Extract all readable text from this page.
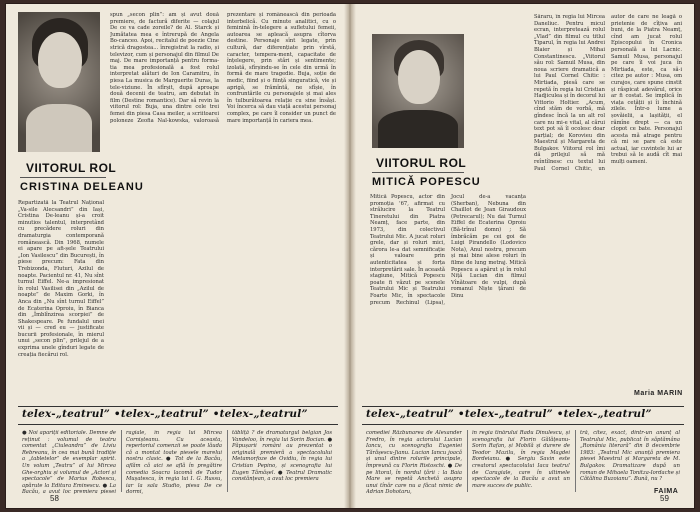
VIITORUL ROL
CRISTINA DELEANU
Repartizată la Teatrul Național „Va-sile Alecsandri” din Iași, Cristina De-leanu și-a croit minutios talentul, interpretând cu precădere roluri din dramaturgia contemporană românească. Din 1968, numele ei apare pe afi-șele Teatrului „Ion Vasilescu” din București, în piese precum: Fata din Trebizonda, Fluturi, Azilul de noapte. Pacientul nr. 41, Nu sînt turnul Eiffel. Ne-a impresionat în rolul Vasilisei din „Azilul de noapte” de Maxim Gorki, în Anca din „Nu sînt turnul Eiffel” de Ecaterina Oproiu, în Bianca din „Îmblînzirea scorpiei” de Shakespeare. Pe fundalul unei vii și — cred eu — justificate bucurii profesionale, în mierul unui „secon plin”, prilejul de a exprima unele gînduri legate de creația fiecărui rol.
spun „secon plin”: am și avut două premiere, de factură diferite — colajul De ce va cade zoreile? de Al. Starck și Jumătatea mea e întrerupă de Angela Bo-canceo. Apoi, recitalul de poezie Cine strică dragostea... înregistrat la radio, și televizor, cum și personajul din filmul De maj. De mare importanță pentru forma-tia mea profesională a fost rolul interpretat alături de Ion Caramitru, în piesa La musica de Marguerite Duras, la tele-viziune. În sfîrșit, după aproape două decenii de teatru, am debutat în film (Destine romantice). Dar să revin la viitorul rol: Buja, una dintre cele trei femei din piesa Casa meiler, a scriitoarei poloneze Zeofia Nal-kowska, valoroasă prezentare și românească din perioada interbelică. Cu minute analitici, cu o feminină în-telegere a sufletului femeii, autoarea se apleacă asupra cîtorva destine. Personaje sînt legate, prin cultură, dar diferențiate prin vîrstă, caracter, tempera-ment, capacitate de înțelegere, prin stări și sentimente; izolată, sfîrșindu-se în cele din urmă în formă de mare tragedie. Buja, soție de medic, fiind și o ființă singuratică, vie și aprigă, se frămîntă, ne sfîșie, în confruntările cu personajele și mai ales în tulburătoarea relație cu sine însăși. Voi încerca să dau viață acestui personaj complex, pe care îl consider un punct de mare importanță în cariera mea.
telex-„teatrul” •telex-„teatrul” •telex-„teatrul”
● Noi apariții editoriale. Demne de reținut : volumul de teatru comentat „Ciuleandra” de Liviu Rebreanu, în cea mai bună tradiție a „tabletelor” de exemplar spirit. Un volum „Teatru” al lui Mircea Ghe-orghiu și volumul de „Actori și spectacole” de Marius Robescu, apărute la Editura Eminescu. ● La Bacău, a avut loc premiera piesei
ragiale, în regia lui Mircea Cornișteanu. Cu aceasta, repertoriul comenzii se poate lăuda că a montat toate piesele marelui nostru clasic. ● Tot de la Bacău, aflăm că aici se află în pregătire comedia Soacra lacomă de Tudor Mușatescu, în regia lui I. G. Russu, iar la sala Studio, piesa De ce dormi,
tăbliță ? de dramaturgul belgian Jos Vandeloo, în regia lui Sorin Bocian. ● Păpușarii români au prezentat o originală premieră a spectacolului Metamorfoze de Ovidiu, în regia lui Cristian Pepino, și scenografia lui Eugen Tămășel. ● Teatrul Dramatic constănțean, a avut loc premiera
58
VIITORUL ROL
MITICĂ POPESCU
Mitică Popescu, actor din promoția '67, afirmat cu strălucire la Teatrul Tineretului din Piatra Neamț, face parte, din 1973, din colectivul Teatrului Mic. A jucat roluri grele, dar și roluri mici, cărora le-a dat semnificație și valoare prin autenticitatea și forța interpretării sale. În această stagiune, Mitică Popescu poate fi văzut pe scenele Teatrului Mic și Teatrului Foarte Mic, în spectacole precum Rechinul (Lipsa), Jocul de-a vacanța (Sherban), Nebuna din Chaillot de Jean Giraudoux (Petrecarul); Nu dai Turnul Eiffel de Ecaterina Oproiu (Bă-trînul domn) ; Să îmbrăcăm pe cei goi de Luigi Pirandello (Lodovico Nota), Anul nostru, precum și mai bine alese roluri în filme de lung metraj. Mitică Popescu a apărut și în rolul Niță Lucian din filmul Vînătoare de vulpi, după romanul Niște țărani de Dinu
Săraru, în regia lui Mircea Daneliuc. Pentru micul ecran, interpretează rolul „Vlad” din filmul cu titlul Tiparul, în regia lui Andrei Blaier și Mihai Constantinescu. „Viitorul său rol: Samuil Musa, din noua scriere dramatică a lui Paul Cornel Chitic : Mirtiada, piesă care se repetă în regia lui Cristian Hadjiculea și în decorul lui Vittorio Holtier. „Acum, cînd stăm de vorbă, mă gîndesc încă la un alt rol care nu mi-e vital, al cărui text pot să îl ocolesc doar parțial; de Korovieu din Maestrul și Margareta de Bulgakov. Viitorul rol îmi dă prilejul să mă reîntîlnesc cu textul lui Paul Cornel Chitic, un autor de care ne leagă o prietenie de cîțiva ani buni, de la Piatra Neamț, cînd am jucat rolul Episcopului în Cronica personală a lui Lacnic. Samuil Musa, personajul pe care îl voi juca în Mirtiada, este, ca să-i citez pe autor : Musa, om curajos, care spune cinstit și răspicat adevărul, orice ar fi costat. Se implică în viața cetății și îi închină zilele. Într-o lume a șovăielii, a lașității, el rămîne drept — ca un clopot ce bate. Personajul acesta mă atrage pentru că mi se pare că este actual, iar cuvintele lui ar trebui să le audă cît mai mulți oameni.
Maria MARIN
telex-„teatrul” •telex-„teatrul” •telex-„teatrul”
comediei Răzbunarea de Alexander Fredro, în regia actorului Lucian Iancu, cu scenografia Eugeniei Tărășescu-Jianu. Lucian Iancu joacă și unul dintre rolurile principale, împreună cu Florin Ristoschi. ● De pe litoral, în nordul țării : la Baia Mare se repetă Anchetă asupra unui tînăr care nu a făcut nimic de Adrian Dohotaru,
în regia tînărului Radu Dinulescu, și scenografia lui Florin Gălățeanu-Sorin Rafan, și Mobilă și durere de Teodor Mazilu, în regia Magdei Bordeianu. ● Sergiu Savin este creatorul spectacolului Iaca teatru! de Caragiale, care în ultimele spectacole de la Bacău a avut un mare succes de public.
tră, citez, exact, dintr-un anunț al Teatrului Mic, publicat în săptămâna „România literară” din 8 decembrie 1983: „Teatrul Mic anunță premiera piesei Maestrul și Margareta de M. Bulgakov. Dramatizare după un roman de Mihaela Tonitza-Iordache și Cătălina Buzoianu”. Bună, nu ?
FAIMA
59
